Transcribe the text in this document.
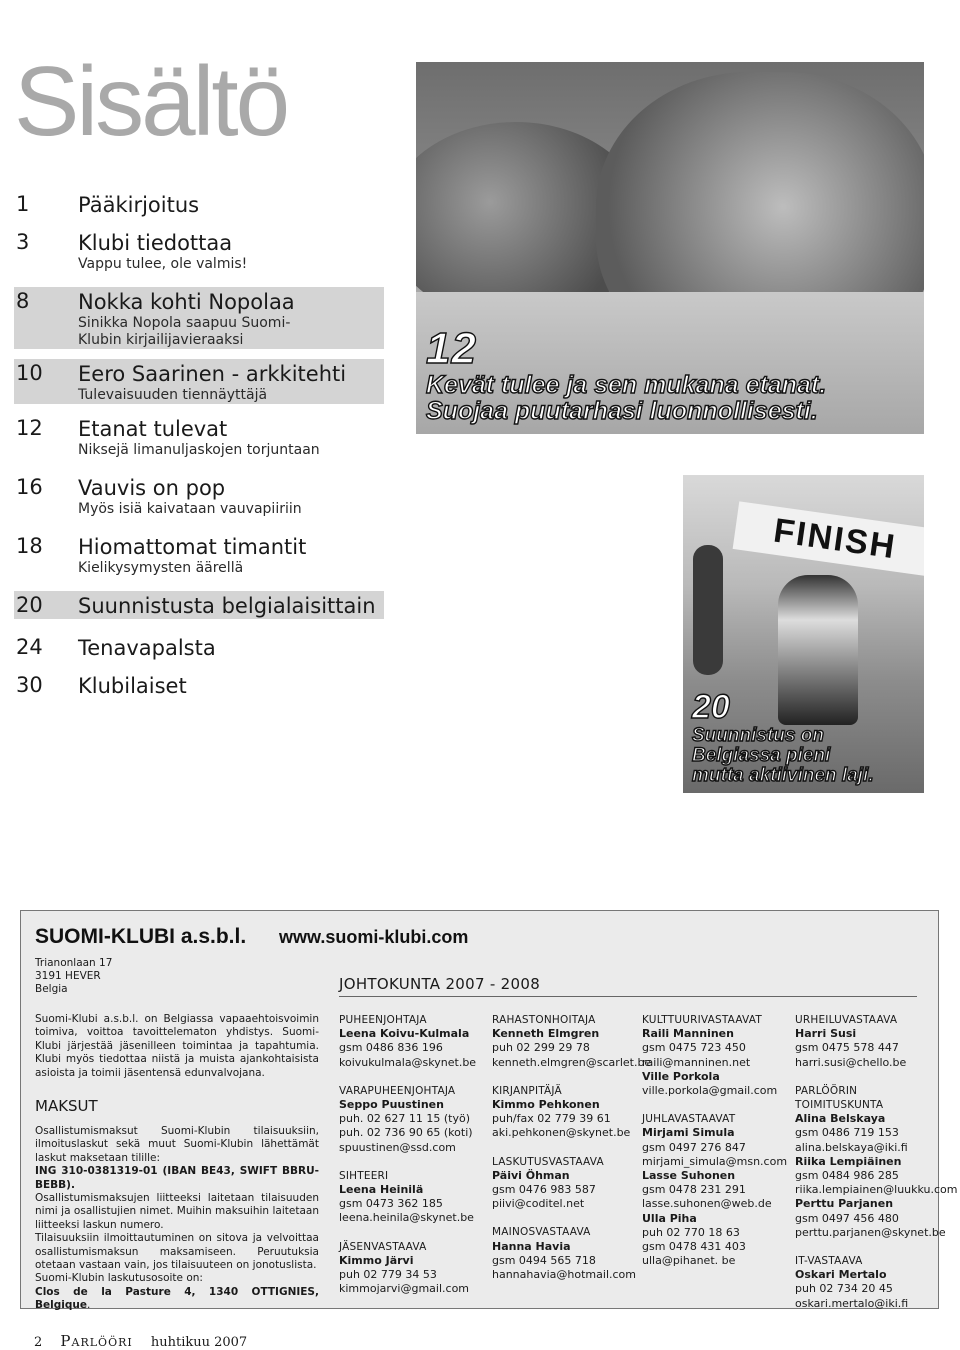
Sisältö
1 Pääkirjoitus
3 Klubi tiedottaa
Vappu tulee, ole valmis!
8 Nokka kohti Nopolaa
Sinikka Nopola saapuu Suomi-
Klubin kirjailijavieraaksi
10 Eero Saarinen - arkkitehti
Tulevaisuuden tiennäyttäjä
12 Etanat tulevat
Niksejä limanuljaskojen torjuntaan
16 Vauvis on pop
Myös isiä kaivataan vauvapiiriin
18 Hiomattomat timantit
Kielikysymysten äärellä
20 Suunnistusta belgialaisittain
24 Tenavapalsta
30 Klubilaiset
12
Kevät tulee ja sen mukana etanat.
Suojaa puutarhasi luonnollisesti.
FINISH
20
Suunnistus on
Belgiassa pieni
mutta aktiivinen laji.
SUOMI-KLUBI a.s.b.l. www.suomi-klubi.com
Trianonlaan 17
3191 HEVER
Belgia	JOHTOKUNTA 2007 - 2008
Suomi-Klubi a.s.b.l. on Belgiassa vapaaehtoisvoimin toimiva, voittoa tavoittelematon yhdistys. Suomi-Klubi järjestää jäsenilleen toimintaa ja tapahtumia. Klubi myös tiedottaa niistä ja muista ajankohtaisista asioista ja toimii jäsentensä edunvalvojana.
MAKSUT

Osallistumismaksut Suomi-Klubin tilaisuuksiin, ilmoituslaskut sekä muut Suomi-Klubin lähettämät laskut maksetaan tilille:

ING 310-0381319-01 (IBAN BE43, SWIFT BBRU-BEBB).

Osallistumismaksujen liitteeksi laitetaan tilaisuuden nimi ja osallistujien nimet. Muihin maksuihin laitetaan liitteeksi laskun numero.

Tilaisuuksiin ilmoittautuminen on sitova ja velvoittaa osallistumismaksun maksamiseen. Peruutuksia otetaan vastaan vain, jos tilaisuuteen on jonotuslista.

Suomi-Klubin laskutusosoite on:

Clos de la Pasture 4, 1340 OTTIGNIES, Belgique.

PUHEENJOHTAJA
Leena Koivu-Kulmala
gsm 0486 836 196
koivukulmala@skynet.be
VARAPUHEENJOHTAJA
Seppo Puustinen
puh. 02 627 11 15 (työ)
puh. 02 736 90 65 (koti)
spuustinen@ssd.com
SIHTEERI
Leena Heinilä
gsm 0473 362 185
leena.heinila@skynet.be
JÄSENVASTAAVA
Kimmo Järvi
puh 02 779 34 53
kimmojarvi@gmail.com
RAHASTONHOITAJA
Kenneth Elmgren
puh 02 299 29 78
kenneth.elmgren@scarlet.be
KIRJANPITÄJÄ
Kimmo Pehkonen
puh/fax 02 779 39 61
aki.pehkonen@skynet.be
LASKUTUSVASTAAVA
Päivi Öhman
gsm 0476 983 587
piivi@coditel.net
MAINOSVASTAAVA
Hanna Havia
gsm 0494 565 718
hannahavia@hotmail.com
KULTTUURIVASTAAVAT
Raili Manninen
gsm 0475 723 450
raili@manninen.net
Ville Porkola
ville.porkola@gmail.com
JUHLAVASTAAVAT
Mirjami Simula
gsm 0497 276 847
mirjami_simula@msn.com
Lasse Suhonen
gsm 0478 231 291
lasse.suhonen@web.de
Ulla Piha
puh 02 770 18 63
gsm 0478 431 403
ulla@pihanet. be
URHEILUVASTAAVA
Harri Susi
gsm 0475 578 447
harri.susi@chello.be
PARLÖÖRIN TOIMITUSKUNTA
Alina Belskaya
gsm 0486 719 153
alina.belskaya@iki.fi
Riika Lempiäinen
gsm 0484 986 285
riika.lempiainen@luukku.com
Perttu Parjanen
gsm 0497 456 480
perttu.parjanen@skynet.be
IT-VASTAAVA
Oskari Mertalo
puh 02 734 20 45
oskari.mertalo@iki.fi
2 Parlööri huhtikuu 2007
